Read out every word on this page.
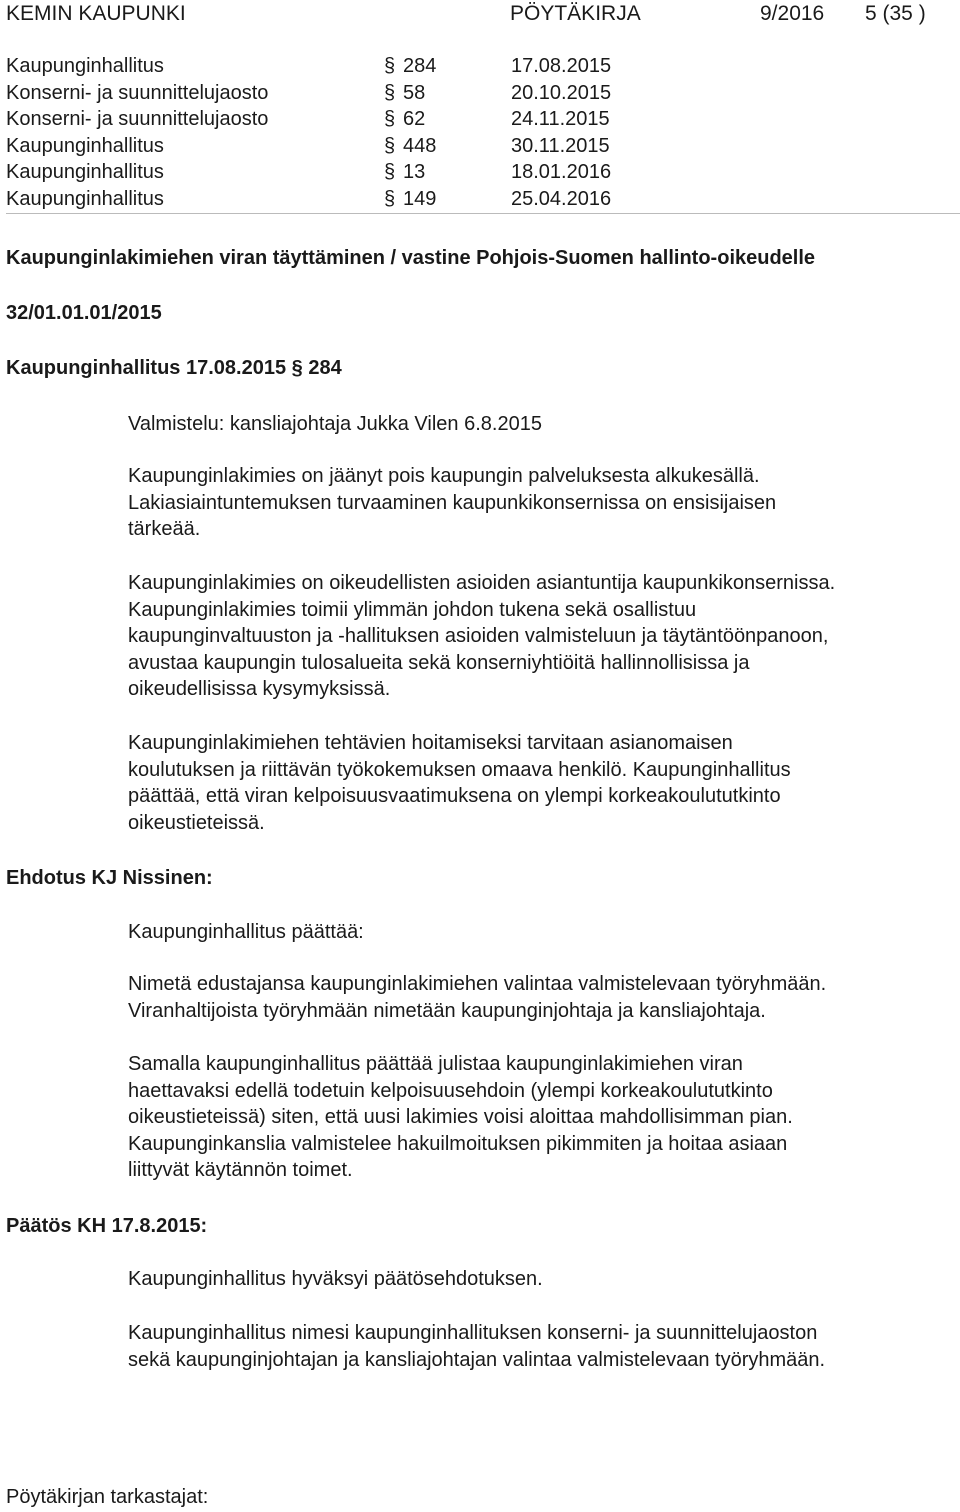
KEMIN KAUPUNKI	PÖYTÄKIRJA	9/2016 5 (35 )
Kaupunginhallitus	§ 284	17.08.2015
Konserni- ja suunnittelujaosto	§ 58	20.10.2015
Konserni- ja suunnittelujaosto	§ 62	24.11.2015
Kaupunginhallitus	§ 448	30.11.2015
Kaupunginhallitus	§ 13	18.01.2016
Kaupunginhallitus	§ 149	25.04.2016
Kaupunginlakimiehen viran täyttäminen / vastine Pohjois-Suomen hallinto-oikeudelle
32/01.01.01/2015
Kaupunginhallitus 17.08.2015 § 284
Valmistelu: kansliajohtaja Jukka Vilen 6.8.2015

Kaupunginlakimies on jäänyt pois kaupungin palveluksesta alkukesällä.

Lakiasiaintuntemuksen turvaaminen kaupunkikonsernissa on ensisijaisen

tärkeää.

Kaupunginlakimies on oikeudellisten asioiden asiantuntija kaupunkikonsernissa.

Kaupunginlakimies toimii ylimmän johdon tukena sekä osallistuu

kaupunginvaltuuston ja -hallituksen asioiden valmisteluun ja täytäntöönpanoon,

avustaa kaupungin tulosalueita sekä konserniyhtiöitä hallinnollisissa ja

oikeudellisissa kysymyksissä.

Kaupunginlakimiehen tehtävien hoitamiseksi tarvitaan asianomaisen

koulutuksen ja riittävän työkokemuksen omaava henkilö. Kaupunginhallitus

päättää, että viran kelpoisuusvaatimuksena on ylempi korkeakoulututkinto

oikeustieteissä.

Ehdotus KJ Nissinen:
Kaupunginhallitus päättää:

Nimetä edustajansa kaupunginlakimiehen valintaa valmistelevaan työryhmään.

Viranhaltijoista työryhmään nimetään kaupunginjohtaja ja kansliajohtaja.

Samalla kaupunginhallitus päättää julistaa kaupunginlakimiehen viran

haettavaksi edellä todetuin kelpoisuusehdoin (ylempi korkeakoulututkinto

oikeustieteissä) siten, että uusi lakimies voisi aloittaa mahdollisimman pian.

Kaupunginkanslia valmistelee hakuilmoituksen pikimmiten ja hoitaa asiaan

liittyvät käytännön toimet.

Päätös KH 17.8.2015:
Kaupunginhallitus hyväksyi päätösehdotuksen.

Kaupunginhallitus nimesi kaupunginhallituksen konserni- ja suunnittelujaoston

sekä kaupunginjohtajan ja kansliajohtajan valintaa valmistelevaan työryhmään.

Pöytäkirjan tarkastajat:
